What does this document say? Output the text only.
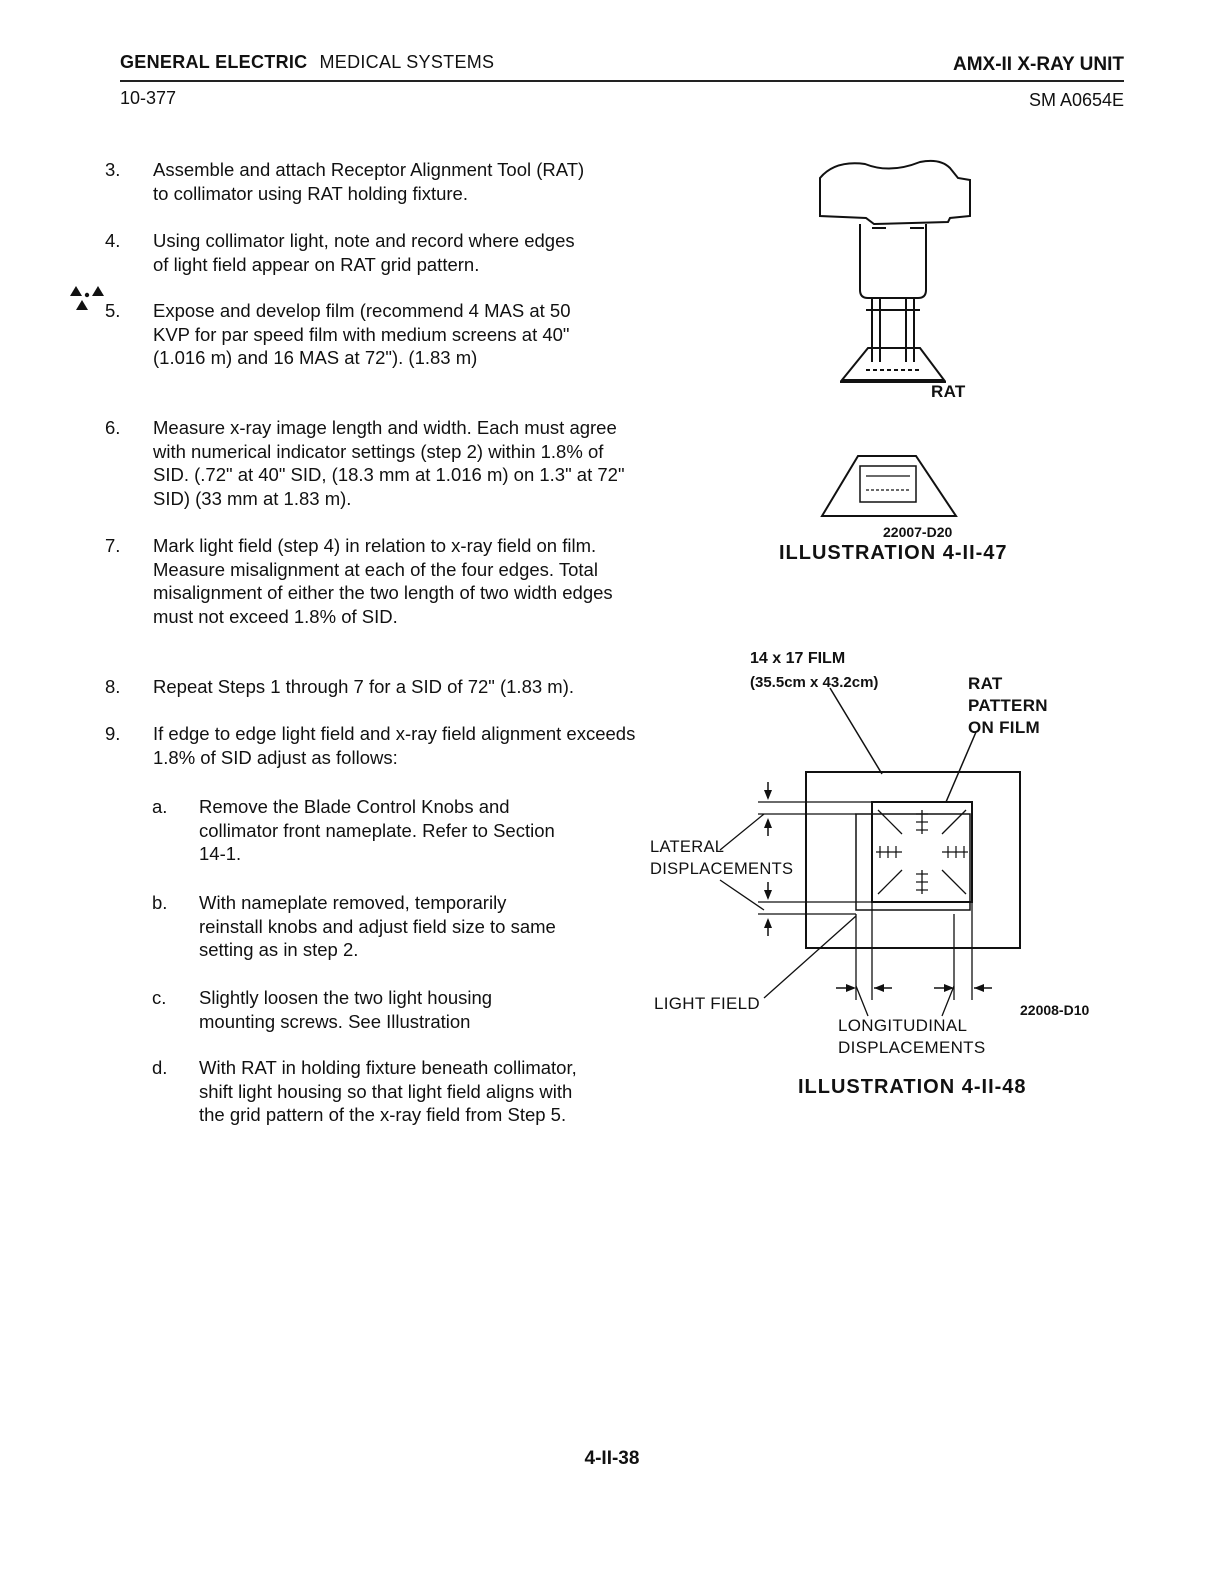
GENERAL ELECTRIC MEDICAL SYSTEMS	AMX-II X-RAY UNIT
10-377	SM A0654E
3. Assemble and attach Receptor Alignment Tool (RAT) to collimator using RAT holding fixture.
4. Using collimator light, note and record where edges of light field appear on RAT grid pattern.
5. Expose and develop film (recommend 4 MAS at 50 KVP for par speed film with medium screens at 40" (1.016 m) and 16 MAS at 72"). (1.83 m)
6. Measure x-ray image length and width. Each must agree with numerical indicator settings (step 2) within 1.8% of SID. (.72" at 40" SID, (18.3 mm at 1.016 m) on 1.3" at 72" SID) (33 mm at 1.83 m).
7. Mark light field (step 4) in relation to x-ray field on film. Measure misalignment at each of the four edges. Total misalignment of either the two length of two width edges must not exceed 1.8% of SID.
8. Repeat Steps 1 through 7 for a SID of 72" (1.83 m).
9. If edge to edge light field and x-ray field alignment exceeds 1.8% of SID adjust as follows:
a. Remove the Blade Control Knobs and collimator front nameplate. Refer to Section 14-1.
b. With nameplate removed, temporarily reinstall knobs and adjust field size to same setting as in step 2.
c. Slightly loosen the two light housing mounting screws. See Illustration
d. With RAT in holding fixture beneath collimator, shift light housing so that light field aligns with the grid pattern of the x-ray field from Step 5.
RAT
22007-D20
ILLUSTRATION 4-II-47
14 x 17 FILM
(35.5cm x 43.2cm)	RAT
PATTERN
ON FILM
LATERAL
DISPLACEMENTS
LIGHT FIELD
LONGITUDINAL
DISPLACEMENTS
22008-D10
ILLUSTRATION 4-II-48
4-II-38
